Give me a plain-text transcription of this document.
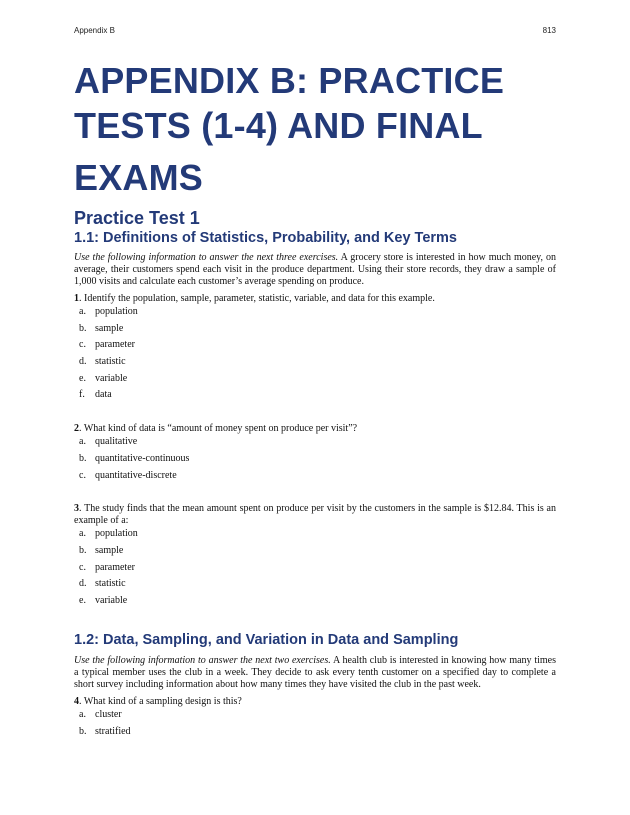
Appendix B	813
APPENDIX B: PRACTICE
TESTS (1-4) AND FINAL
EXAMS
Practice Test 1
1.1: Definitions of Statistics, Probability, and Key Terms

Use the following information to answer the next three exercises. A grocery store is interested in how much money, on average, their customers spend each visit in the produce department. Using their store records, they draw a sample of 1,000 visits and calculate each customer’s average spending on produce.

1. Identify the population, sample, parameter, statistic, variable, and data for this example.

a. population
b. sample
c. parameter
d. statistic
e. variable
f. data

2. What kind of data is “amount of money spent on produce per visit”?

a. qualitative
b. quantitative-continuous
c. quantitative-discrete

3. The study finds that the mean amount spent on produce per visit by the customers in the sample is $12.84. This is an example of a:

a. population
b. sample
c. parameter
d. statistic
e. variable
1.2: Data, Sampling, and Variation in Data and Sampling

Use the following information to answer the next two exercises. A health club is interested in knowing how many times a typical member uses the club in a week. They decide to ask every tenth customer on a specified day to complete a short survey including information about how many times they have visited the club in the past week.

4. What kind of a sampling design is this?

a. cluster
b. stratified
